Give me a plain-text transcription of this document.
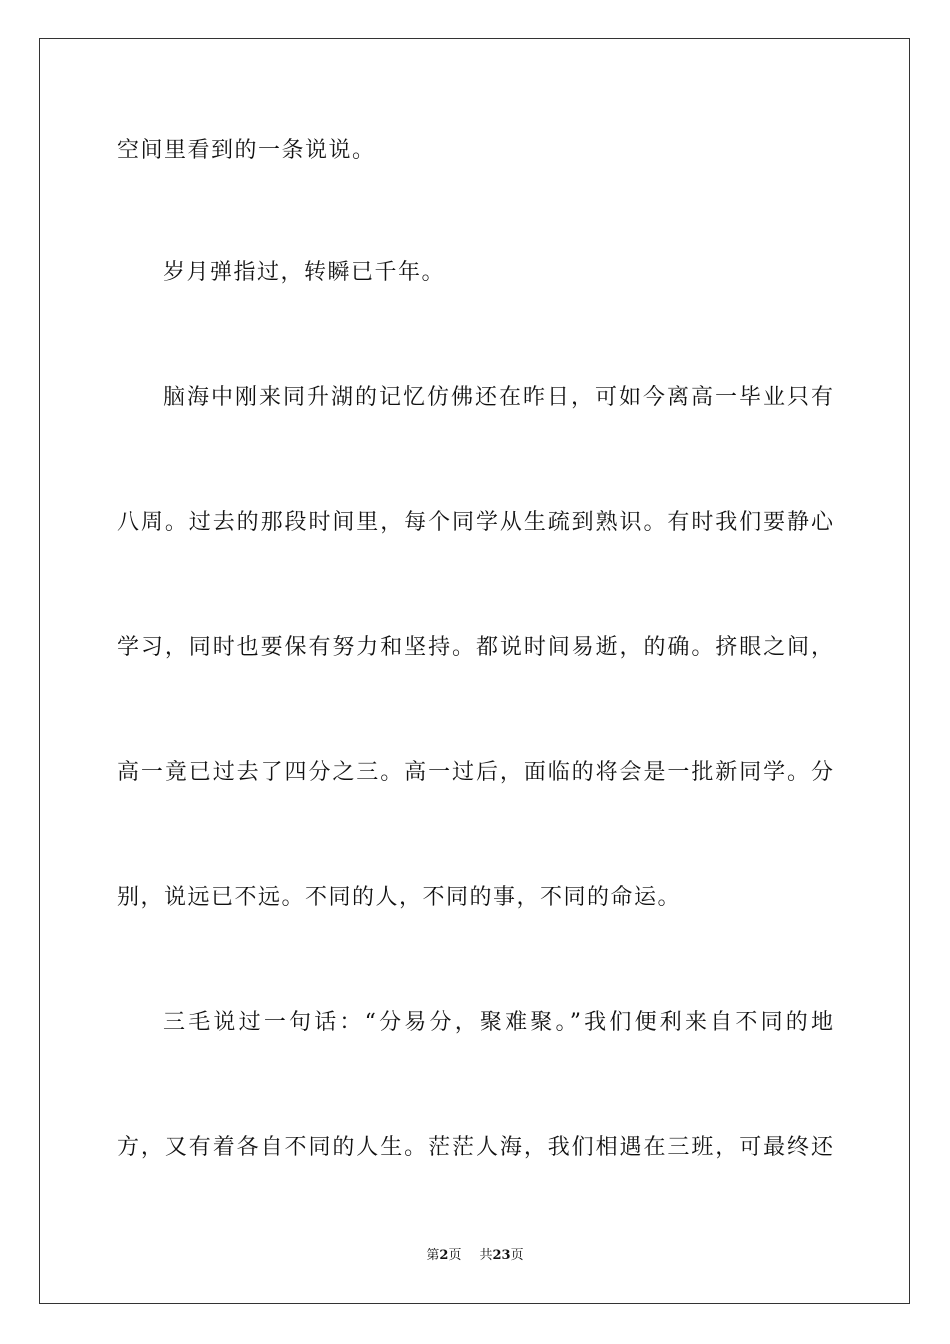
空间里看到的一条说说。
岁月弹指过，转瞬已千年。
脑海中刚来同升湖的记忆仿佛还在昨日，可如今离高一毕业只有
八周。过去的那段时间里，每个同学从生疏到熟识。有时我们要静心
学习，同时也要保有努力和坚持。都说时间易逝，的确。挤眼之间，
高一竟已过去了四分之三。高一过后，面临的将会是一批新同学。分
别，说远已不远。不同的人，不同的事，不同的命运。
三毛说过一句话：“分易分，聚难聚。”我们便利来自不同的地
方，又有着各自不同的人生。茫茫人海，我们相遇在三班，可最终还
第2页 共23页
